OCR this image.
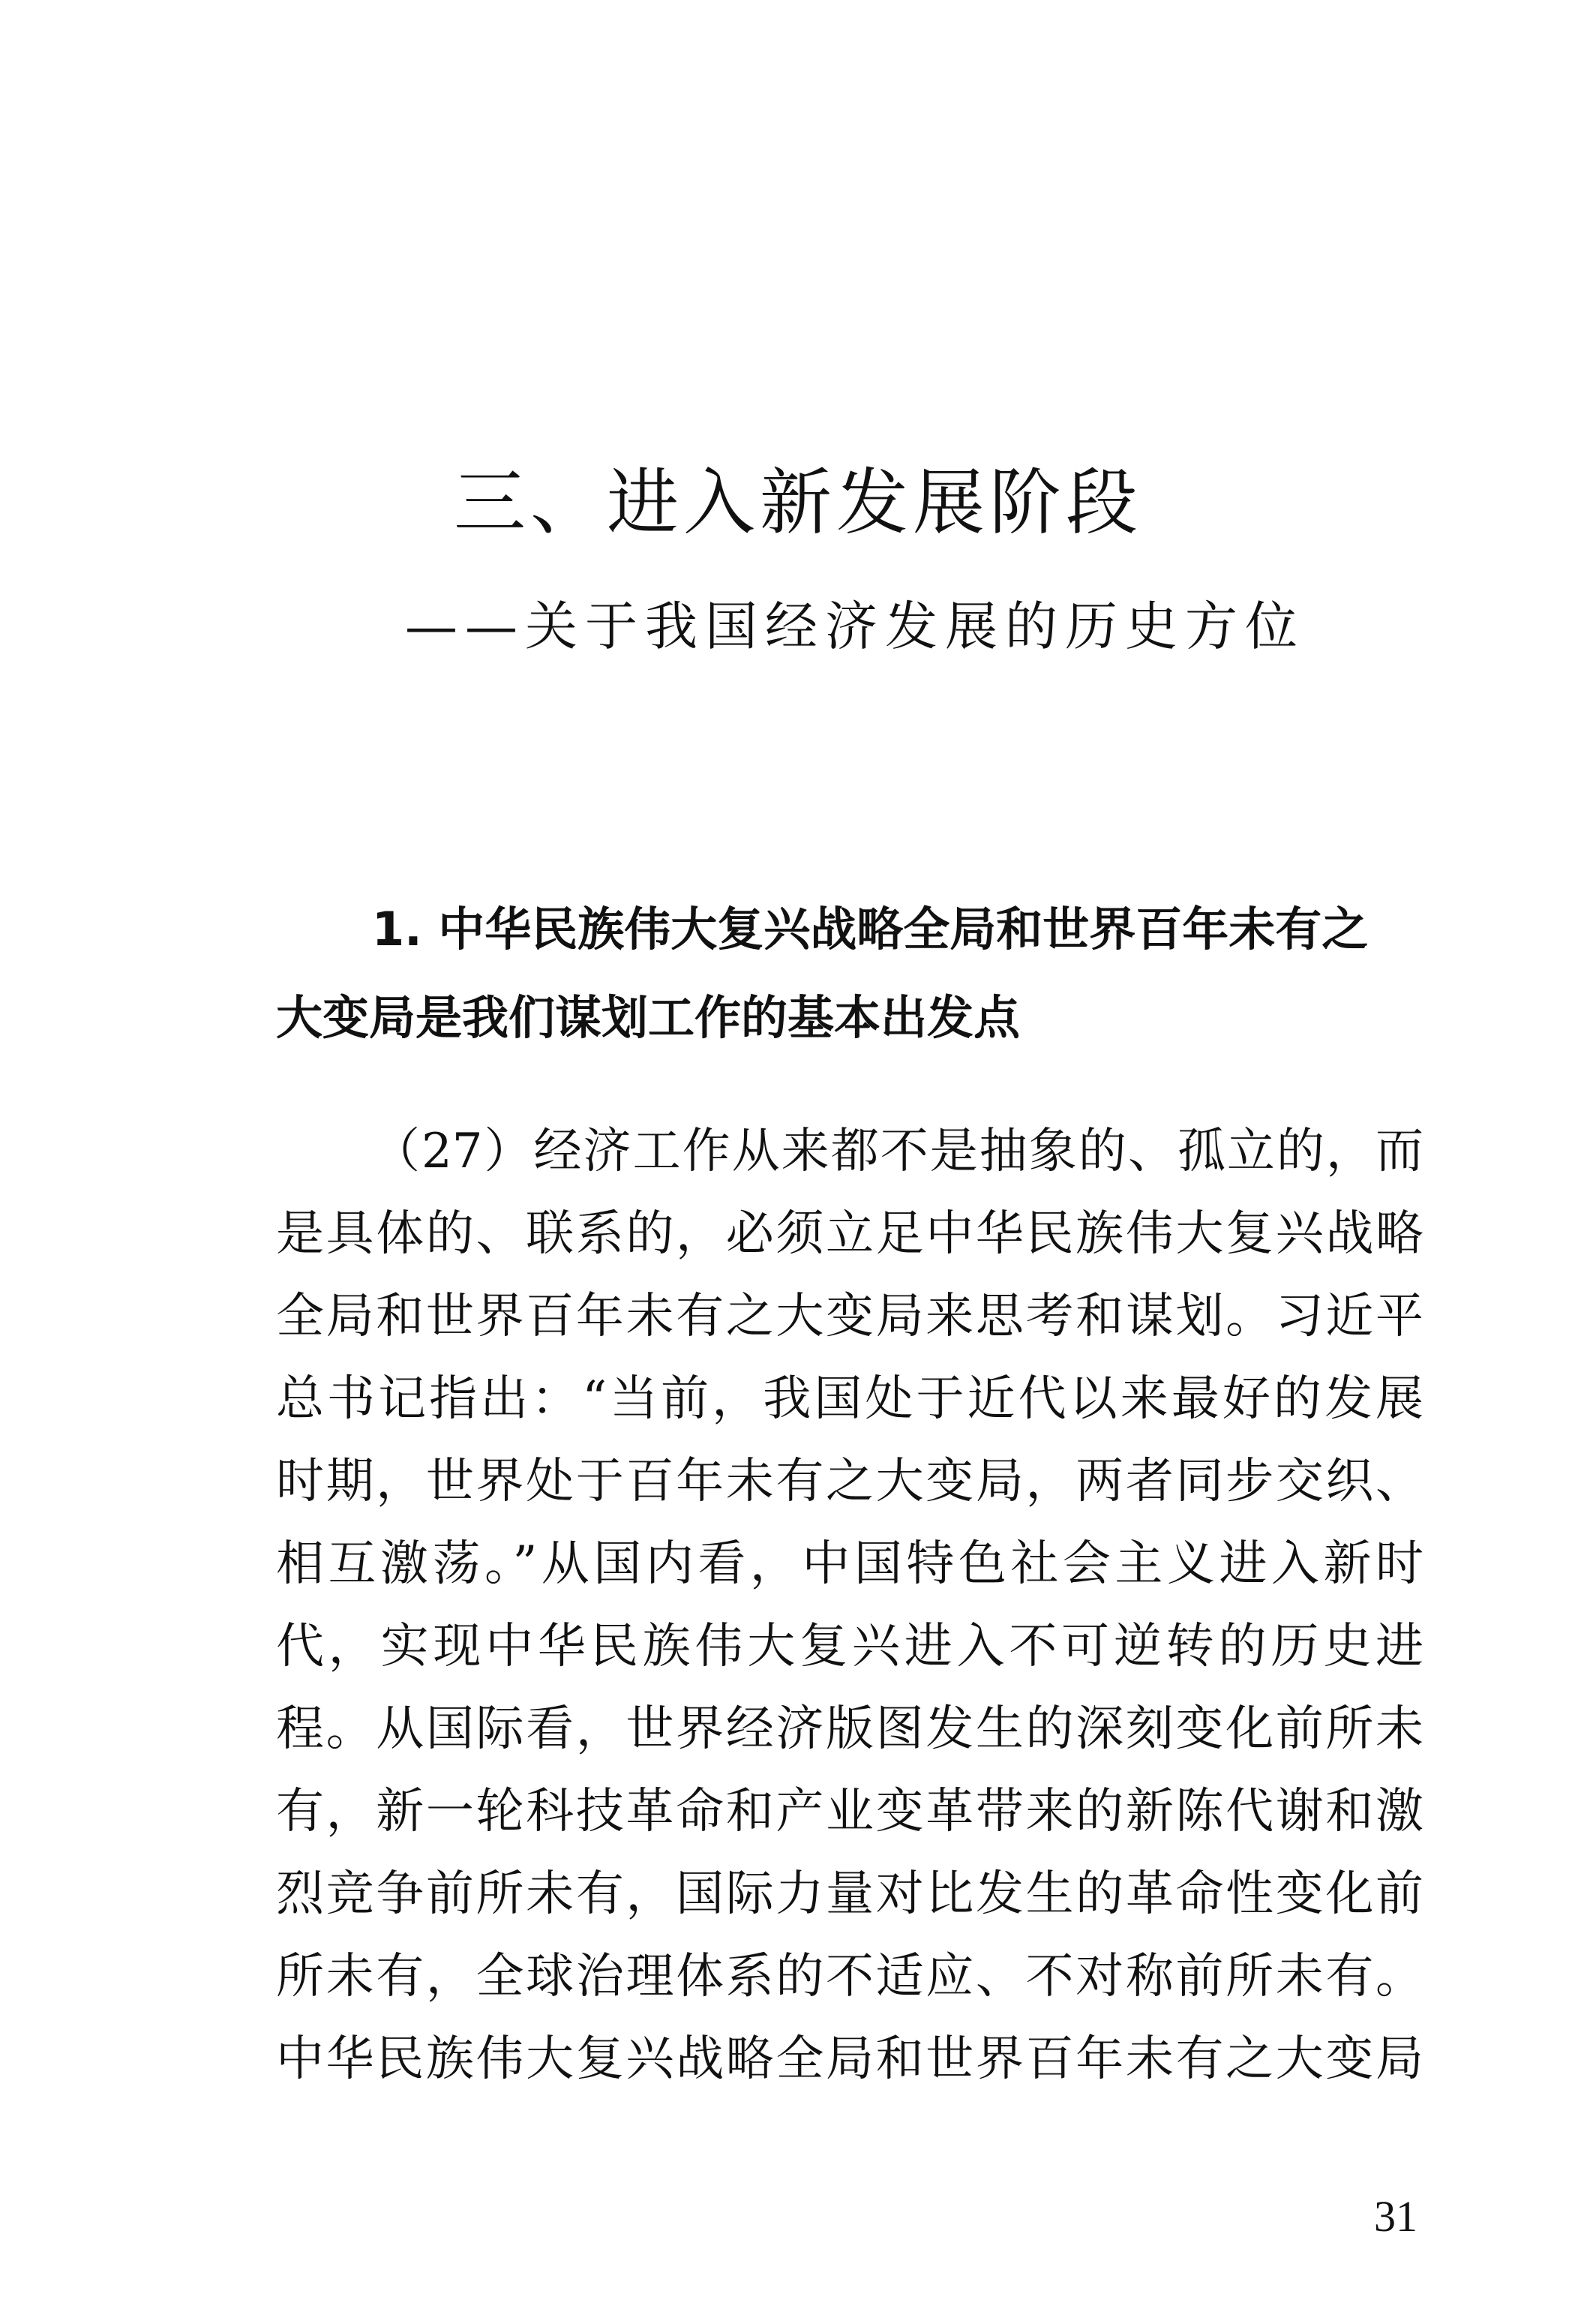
三、进入新发展阶段
——关于我国经济发展的历史方位
1. 中华民族伟大复兴战略全局和世界百年未有之
大变局是我们谋划工作的基本出发点
（27）经济工作从来都不是抽象的、孤立的，而
是具体的、联系的，必须立足中华民族伟大复兴战略
全局和世界百年未有之大变局来思考和谋划。习近平
总书记指出：“当前，我国处于近代以来最好的发展
时期，世界处于百年未有之大变局，两者同步交织、
相互激荡。”从国内看，中国特色社会主义进入新时
代，实现中华民族伟大复兴进入不可逆转的历史进
程。从国际看，世界经济版图发生的深刻变化前所未
有，新一轮科技革命和产业变革带来的新陈代谢和激
烈竞争前所未有，国际力量对比发生的革命性变化前
所未有，全球治理体系的不适应、不对称前所未有。
中华民族伟大复兴战略全局和世界百年未有之大变局
31
